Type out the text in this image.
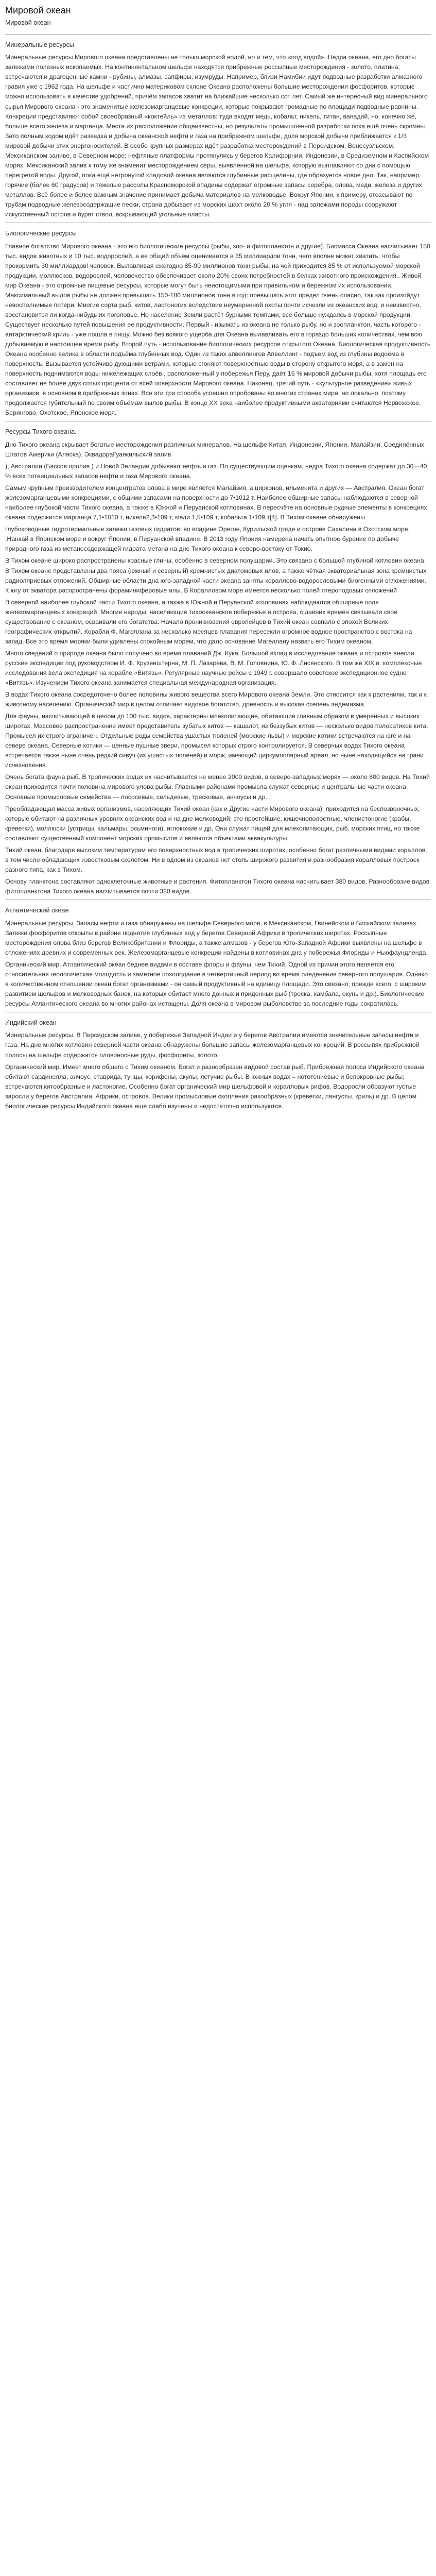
Мировой океан
Мировой океан
Минеральные ресурсы

Минеральные ресурсы Мирового океана представлены не только морской водой, но и тем, что «под водой». Недра океана, его дно богаты залежами полезных ископаемых. На континентальном шельфе находятся прибрежные россыпные месторождения - золото, платина; встречаются и драгоценные камни - рубины, алмазы, сапфиры, изумруды. Например, близи Намибии идут подводные разработки алмазного гравия уже с 1962 года. На шельфе и частично материковом склоне Океана расположены большие месторождения фосфоритов, которые можно использовать в качестве удобрений, причём запасов хватит на ближайшие несколько сот лет. Самый же интересный вид минерального сырья Мирового океана - это знаменитые железомарганцевые конкреции, которые покрывают громадные по площади подводные равнины. Конкреции представляют собой своеобразный «коктейль» из металлов: туда входят медь, кобальт, никель, титан, ванадий, но, конечно же, больше всего железа и марганца. Места их расположения общеизвестны, но результаты промышленной разработки пока ещё очень скромны. Зато полным ходом идёт разведка и добыча океанской нефти и газа на прибрежном шельфе, доля морской добычи приближается к 1/3 мировой добычи этих энергоносителей. В особо крупных размерах идёт разработка месторождений в Персидском, Венесуэльском, Мексиканском заливе, в Северном море; нефтяные платформы протянулись у берегов Калифорнии, Индонезии, в Средиземном и Каспийском морях. Мексиканский залив к тому же знаменит месторождением серы, выявленной на шельфе, которую выплавляют со дна с помощью перегретой воды. Другой, пока ещё нетронутой кладовой океана являются глубинные расщелины, где образуется новое дно. Так, например, горячие (более 60 градусов) и тяжелые рассолы Красноморской впадины содержат огромные запасы серебра, олова, меди, железа и других металлов. Всё более и более важным значение принимает добыча материалов на мелководье. Вокруг Японии, к примеру, отсасывают по трубам подводные железосодержащие пески, страна добывает из морских шахт около 20 % угля - над залежами породы сооружают искусственный остров и бурят ствол, вскрывающий угольные пласты.

Биологические ресурсы

Главное богатство Мирового океана - это его биологические ресурсы (рыбы, зоо- и фитопланктон и другие). Биомасса Океана насчитывает 150 тыс. видов животных и 10 тыс. водорослей, а ее общий объём оценивается в 35 миллиардов тонн, чего вполне может хватить, чтобы прокормить 30 миллиардов! человек. Вылавливая ежегодно 85-90 миллионов тонн рыбы, на чей приходится 85 % от используемой морской продукции, моллюсков, водорослей, человечество обеспечивает около 20% своих потребностей в белках животного происхождения.. Живой мир Океана - это огромные пищевые ресурсы, которые могут быть неистощимыми при правильном и бережном их использовании. Максимальный вылов рыбы не должен превышать 150-180 миллионов тонн в год: превышать этот предел очень опасно, так как произойдут невосполнимые потери. Многие сорта рыб, китов, ластоногих вследствие неумеренной охоты почти исчезли из океанских вод, и неизвестно, восстановится ли когда-нибудь их поголовье. Но население Земли растёт бурными темпами, всё больше нуждаясь в морской продукции. Существует несколько путей повышения её продуктивности. Первый - изымать из океана не только рыбу, но и зоопланктон, часть которого - антарктический криль - уже пошла в пищу. Можно без всякого ущерба для Океана вылавливать его в гораздо больших количествах, чем всю добываемую в настоящее время рыбу. Второй путь - использование биологических ресурсов открытого Океана. Биологическая продуктивность Океана особенно велика в области подъёма глубинных вод. Один из таких апвеллингов Апвеллинг - подъем вод из глубины водоёма в поверхность. Вызывается устойчиво дующими ветрами, которые сгоняют поверхностные воды в сторону открытого моря, а в замен на поверхность поднимаются воды нижележащих слоёв., расположенный у побережья Перу, даёт 15 % мировой добычи рыбы, хотя площадь его составляет не более двух сотых процента от всей поверхности Мирового океана. Наконец, третий путь - «культурное разведение» живых организмов, в основном в прибрежных зонах. Все эти три способа успешно опробованы во многих странах мира, но локально, поэтому продолжается губительный по своим объёмам вылов рыбы. В конце XX века наиболее продуктивными акваториями считаются Норвежское, Беринговo, Охотское, Японское моря.

Ресурсы Тихого океана.

Дно Тихого океана скрывает богатые месторождения различных минералов. На шельфе Китая, Индонезии, Японии, Малайзии, Соединённых Штатов Америки (Аляска), ЭквадораГуаякильский залив

), Австралии (Бассов пролив ) и Новой Зеландии добывают нефть и газ. По существующим оценкам, недра Тихого океана содержат до 30—40 % всех потенциальных запасов нефти и газа Мирового океана.

Самым крупным производителем концентратов олова в мире является Малайзия, а цирконов, ильменита и других — Австралия. Океан богат железомарганцевыми конкрециями, с общими запасами на поверхности до 7•1012 т. Наиболее обширные запасы наблюдаются в северной наиболее глубокой части Тихого океана, а также в Южной и Перуанской котловинах. В пересчёте на основные рудные элементы в конкрециях океана содержится марганца 7,1•1010 т, никеля2,3•109 т, меди 1,5•109 т, кобальта 1•109 т[4]. В Тихом океане обнаружены

глубоководные гидротермальные залежи газовых гидратов: во впадине Орегон, Курильской гряде и острове Сахалина в Охотском море, ,Нанкай в Японском море и вокруг Японии, в Перуанской впадине. В 2013 году Япония намерена начать опытное бурение по добыче природного газа из метаносодержащей гидрата метана на дне Тихого океана к северо-востоку от Токио.

В Тихом океане широко распространены красные глины, особенно в северном полушарии. Это связано с большой глубиной котловин океана. В Тихом океане представлены два пояса (южный и северный) кремнистых диатомовых илов, а также чёткая экваториальная зона кремнистых радиоляриевых отложений. Обширные области дна юго-западной части океана заняты кораллово-водорослевыми биогенными отложениями. К югу от экватора распространены фораминиферовые илы. В Коралловом море имеется несколько полей птероподовых отложений

В северной наиболее глубокой части Тихого океана, а также в Южной и Перуанской котловинах наблюдаются обширные поля железомарганцевых конкреций. Многие народы, населяющие тихоокеанское побережье и острова, с давних времён связывали своё существование с океаном, осваивали его богатства. Начало проникновения европейцев в Тихий океан совпало с эпохой Великих географических открытий. Корабли Ф. Магеллана за несколько месяцев плавания пересекли огромное водное пространство с востока на запад. Все это время моряки были удивлены спокойным морем, что дало основание Магеллану назвать его Тихим океаном.

Много сведений о природе океана было получено во время плаваний Дж. Кука. Большой вклад в исследование океана и островов внесли русские экспедиции под руководством И. Ф. Крузенштерна, М. П. Лазарева, В. М. Головнина, Ю. Ф. Лисянского. В том же XIX в. комплексные исследования вела экспедиция на корабле «Витязь». Регулярные научные рейсы с 1949 г. совершало советское экспедиционное судно «Витязь». Изучением Тихого океана занимается специальная международная организация.

В водах Тихого океана сосредоточено более половины живого вещества всего Мирового океана Земли. Это относится как к растениям, так и к животному населению. Органический мир в целом отличает видовое богатство, древность и высокая степень эндемизма.

Для фауны, насчитывающей в целом до 100 тыс. видов, характерны млекопитающие, обитающие главным образом в умеренных и высоких широтах. Массовое распространение имеет представитель зубатых китов — кашалот, из беззубых китов — несколько видов полосатиков кита. Промысел их строго ограничен. Отдельные роды семейства ушастых тюленей (морские львы) и морские котики встречаются на юге и на севере океана. Северные котики — ценные пушные звери, промысел которых строго контролируется. В северных водах Тихого океана встречается также ныне очень редкий сивуч (из ушастых тюленей) и морж, имеющий циркумполярный ареал, но ныне находящийся на грани исчезновения.

Очень богата фауна рыб. В тропических водах их насчитывается не менее 2000 видов, в северо-западных морях — около 800 видов. На Тихий океан приходится почти половина мирового улова рыбы. Главными районами промысла служат северные и центральные части океана. Основные промысловые семейства — лососевые, сельдевые, тресковые, анчоусы и др.

Преобладающая масса живых организмов, населяющих Тихий океан (как и Другие части Мирового океана), приходится на беспозвоночных, которые обитают на различных уровнях океанских вод и на дне мелководий: это простейшие, кишечнополостные, членистоногие (крабы, креветки), моллюски (устрицы, кальмары, осьминоги), иглокожие и др. Они служат пищей для млекопитающих, рыб, морских птиц, но также составляют существенный компонент морских промыслов и являются объектами аквакультуры.

Тихий океан, благодаря высоким температурам его поверхностных вод в тропических широтах, особенно богат различными видами кораллов, в том числе обладающих известковым скелетом. Ни в одном из океанов нет столь широкого развития и разнообразия коралловых построек разного типа, как в Тихом.

Основу планктона составляют одноклеточные животные и растения. Фитопланктон Тихого океана насчитывает 380 видов. Разнообразие видов фитопланктона Тихого океана насчитывается почти 380 видов.

Атлантический океан

Минеральные ресурсы. Запасы нефти и газа обнаружены на шельфе Северного моря, в Мексиканском, Гвинейском и Бискайском заливах. Залежи фосфоритов открыты в районе поднятия глубинных вод у берегов Северной Африки в тропических широтах. Россыпные месторождения олова близ берегов Великобритании и Флориды, а также алмазов - у берегов Юго-Западной Африки выявлены на шельфе в отложениях древних и современных рек. Железомарганцевые конкреции найдены в котловинах дна у побережья Флориды и Ньюфаундленда.

Органический мир. Атлантический океан беднее видами в составе флоры и фауны, чем Тихий. Одной из причин этого является его относительная геологическая молодость и заметное похолодание в четвертичный период во время оледенения северного полушария. Однако в количественном отношении океан богат организмами - он самый продуктивный на единицу площади. Это связано, прежде всего, с широким развитием шельфов и мелководных банок, на которых обитает много донных и придонных рыб (треска, камбала, окунь и др.). Биологические ресурсы Атлантического океана во многих районах истощены. Доля океана в мировом рыболовстве за последние годы сократилась.

Индийский океан

Минеральные ресурсы. В Персидском заливе, у побережья Западной Индии и у берегов Австралии имеются значительные запасы нефти и газа. На дне многих котловин северной части океана обнаружены большие запасы железомарганцевых конкреций. В россыпях прибрежной полосы на шельфе содержатся оловоносные руды, фосфориты, золото.

Органический мир. Имеет много общего с Тихим океаном. Богат и разнообразен видовой состав рыб. Прибрежная полоса Индийского океана обитают сардинелла, анчоус, ставрида, тунцы, корифены, акулы, летучие рыбы. В южных водах – нототениевые и белокровные рыбы; встречаются китообразные и ластоногие. Особенно богат органический мир шельфовой и коралловых рифов. Водоросли образуют густые заросли у берегов Австралии, Африки, островов. Велики промысловые скопления ракообразных (креветки, лангусты, криль) и др. В целом биологические ресурсы Индийского океана еще слабо изучены и недостаточно используются.
